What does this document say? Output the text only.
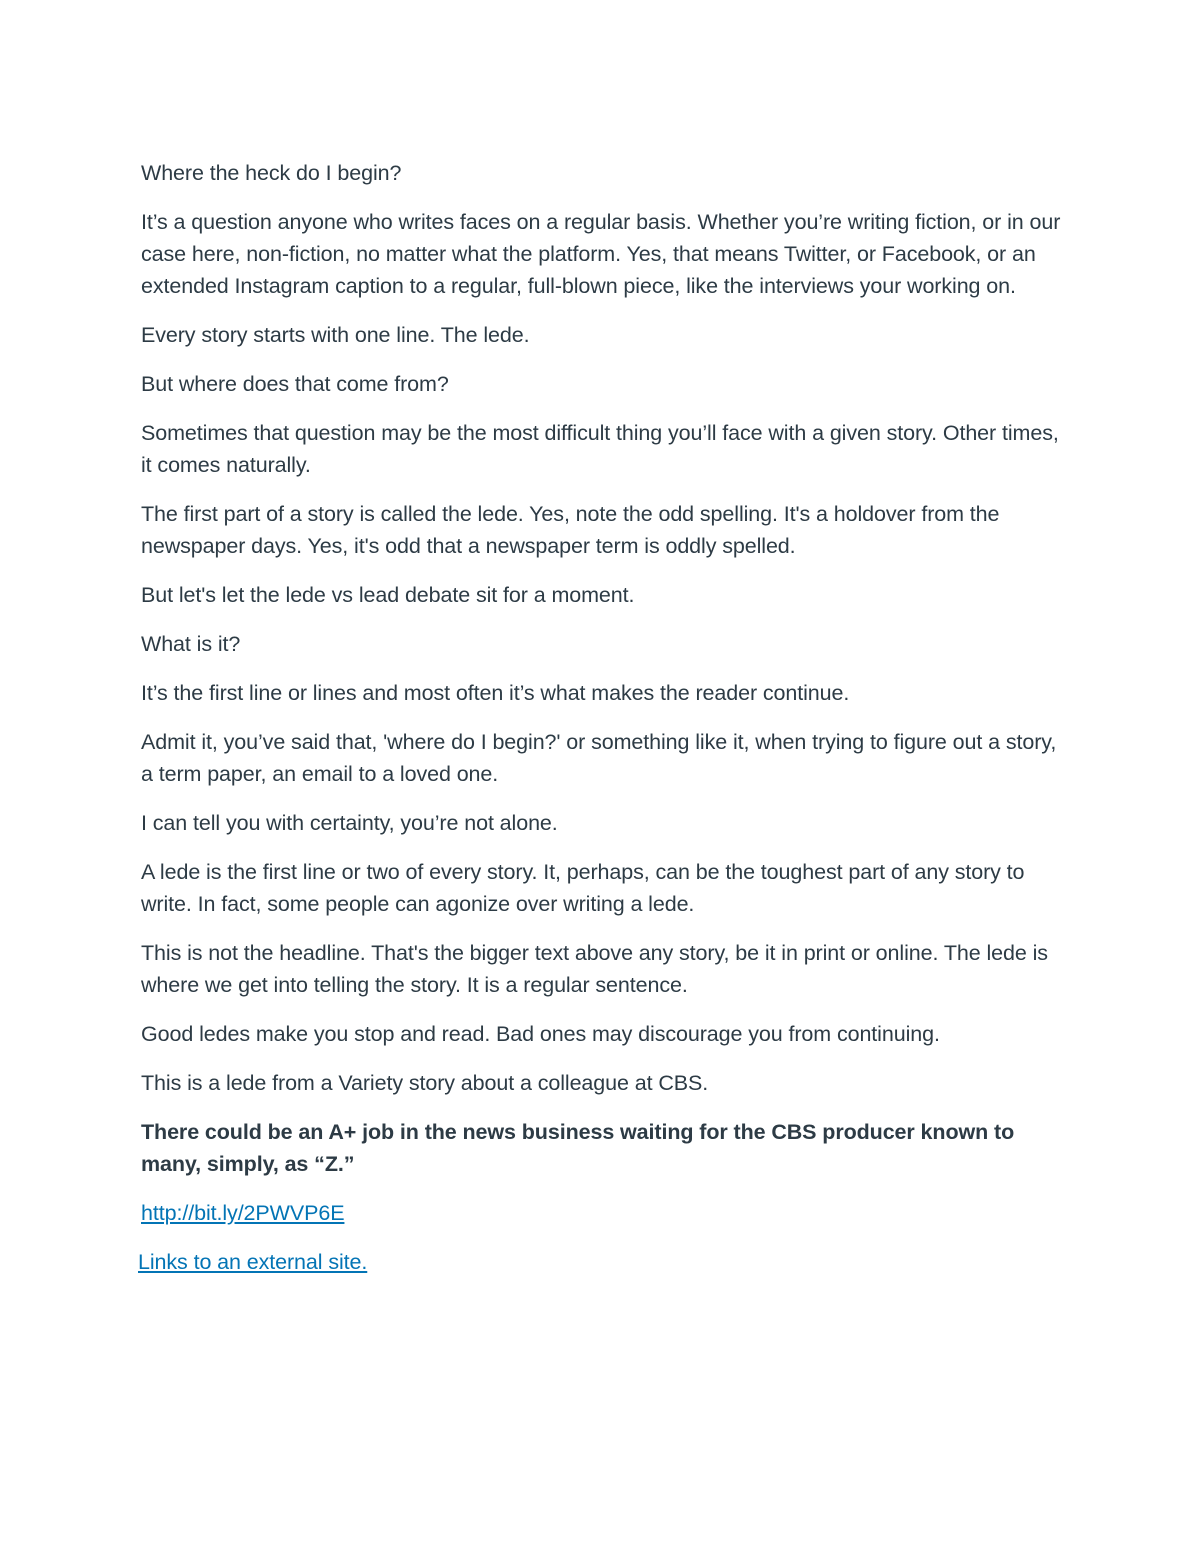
Where the heck do I begin?

It’s a question anyone who writes faces on a regular basis. Whether you’re writing fiction, or in our case here, non-fiction, no matter what the platform. Yes, that means Twitter, or Facebook, or an extended Instagram caption to a regular, full-blown piece, like the interviews your working on.

Every story starts with one line. The lede.

But where does that come from?

Sometimes that question may be the most difficult thing you’ll face with a given story. Other times, it comes naturally.

The first part of a story is called the lede. Yes, note the odd spelling. It's a holdover from the newspaper days. Yes, it's odd that a newspaper term is oddly spelled.

But let's let the lede vs lead debate sit for a moment.

What is it?

It’s the first line or lines and most often it’s what makes the reader continue.

Admit it, you’ve said that, 'where do I begin?' or something like it, when trying to figure out a story, a term paper, an email to a loved one.

I can tell you with certainty, you’re not alone.

A lede is the first line or two of every story. It, perhaps, can be the toughest part of any story to write. In fact, some people can agonize over writing a lede.

This is not the headline. That's the bigger text above any story, be it in print or online. The lede is where we get into telling the story. It is a regular sentence.

Good ledes make you stop and read. Bad ones may discourage you from continuing.

This is a lede from a Variety story about a colleague at CBS.

There could be an A+ job in the news business waiting for the CBS producer known to many, simply, as “Z.”

http://bit.ly/2PWVP6E

Links to an external site.
